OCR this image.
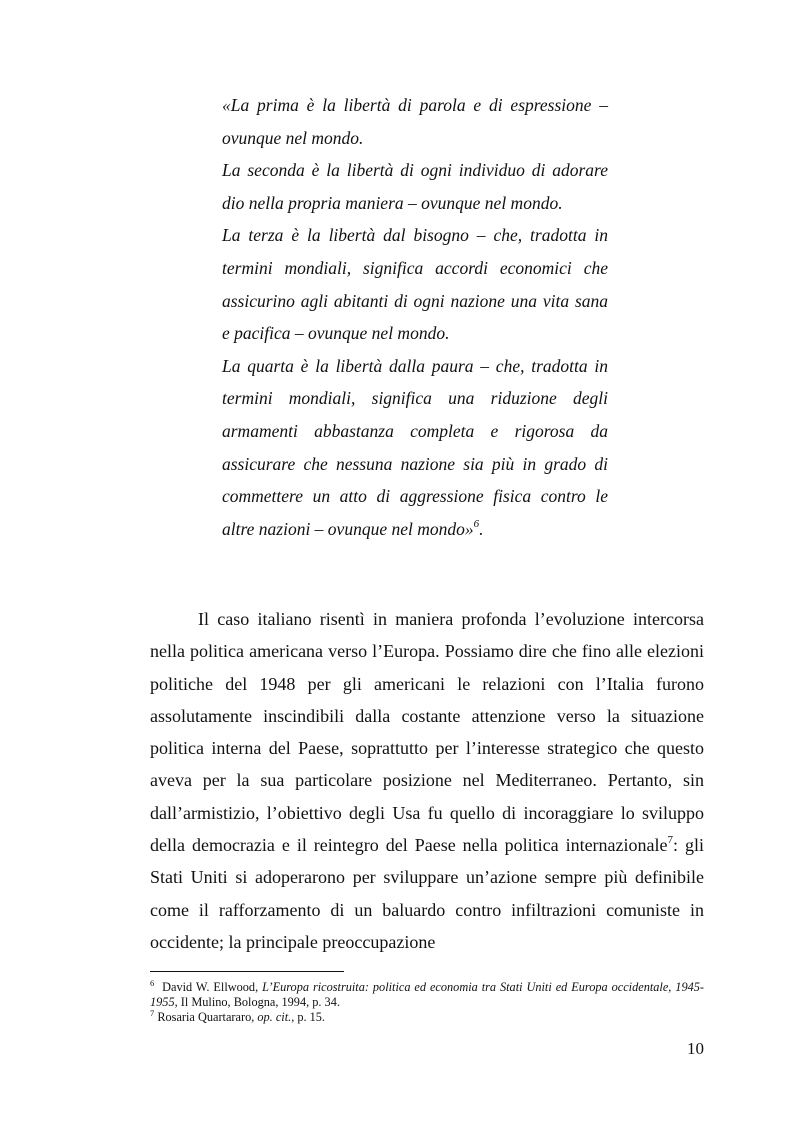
«La prima è la libertà di parola e di espressione – ovunque nel mondo.

La seconda è la libertà di ogni individuo di adorare dio nella propria maniera – ovunque nel mondo.

La terza è la libertà dal bisogno – che, tradotta in termini mondiali, significa accordi economici che assicurino agli abitanti di ogni nazione una vita sana e pacifica – ovunque nel mondo.

La quarta è la libertà dalla paura – che, tradotta in termini mondiali, significa una riduzione degli armamenti abbastanza completa e rigorosa da assicurare che nessuna nazione sia più in grado di commettere un atto di aggressione fisica contro le altre nazioni – ovunque nel mondo»$^6$.

Il caso italiano risentì in maniera profonda l’evoluzione intercorsa nella politica americana verso l’Europa. Possiamo dire che fino alle elezioni politiche del 1948 per gli americani le relazioni con l’Italia furono assolutamente inscindibili dalla costante attenzione verso la situazione politica interna del Paese, soprattutto per l’interesse strategico che questo aveva per la sua particolare posizione nel Mediterraneo. Pertanto, sin dall’armistizio, l’obiettivo degli Usa fu quello di incoraggiare lo sviluppo della democrazia e il reintegro del Paese nella politica internazionale$^7$: gli Stati Uniti si adoperarono per sviluppare un’azione sempre più definibile come il rafforzamento di un baluardo contro infiltrazioni comuniste in occidente; la principale preoccupazione

$^6$ David W. Ellwood, L’Europa ricostruita: politica ed economia tra Stati Uniti ed Europa occidentale, 1945-1955, Il Mulino, Bologna, 1994, p. 34.

$^7$ Rosaria Quartararo, op. cit., p. 15.

10
